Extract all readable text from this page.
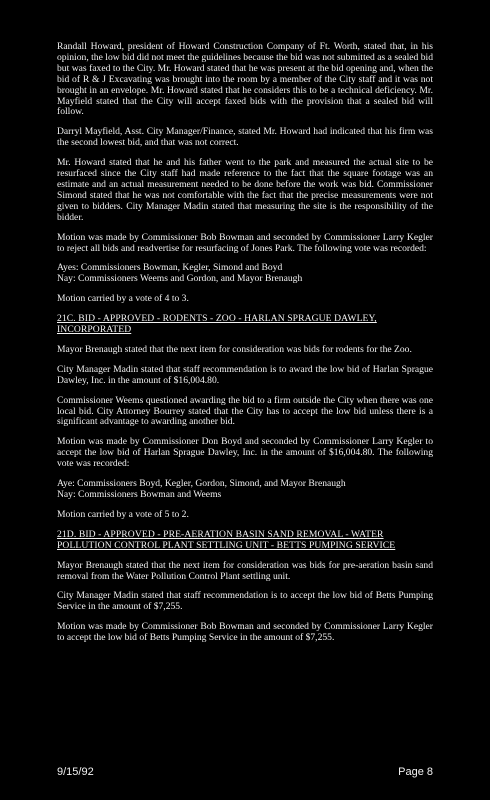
Randall Howard, president of Howard Construction Company of Ft. Worth, stated that, in his opinion, the low bid did not meet the guidelines because the bid was not submitted as a sealed bid but was faxed to the City. Mr. Howard stated that he was present at the bid opening and, when the bid of R & J Excavating was brought into the room by a member of the City staff and it was not brought in an envelope. Mr. Howard stated that he considers this to be a technical deficiency. Mr. Mayfield stated that the City will accept faxed bids with the provision that a sealed bid will follow.

Darryl Mayfield, Asst. City Manager/Finance, stated Mr. Howard had indicated that his firm was the second lowest bid, and that was not correct.

Mr. Howard stated that he and his father went to the park and measured the actual site to be resurfaced since the City staff had made reference to the fact that the square footage was an estimate and an actual measurement needed to be done before the work was bid. Commissioner Simond stated that he was not comfortable with the fact that the precise measurements were not given to bidders. City Manager Madin stated that measuring the site is the responsibility of the bidder.

Motion was made by Commissioner Bob Bowman and seconded by Commissioner Larry Kegler to reject all bids and readvertise for resurfacing of Jones Park. The following vote was recorded:

Ayes: Commissioners Bowman, Kegler, Simond and Boyd

Nay: Commissioners Weems and Gordon, and Mayor Brenaugh

Motion carried by a vote of 4 to 3.

21C. BID - APPROVED - RODENTS - ZOO - HARLAN SPRAGUE DAWLEY, INCORPORATED

Mayor Brenaugh stated that the next item for consideration was bids for rodents for the Zoo.

City Manager Madin stated that staff recommendation is to award the low bid of Harlan Sprague Dawley, Inc. in the amount of $16,004.80.

Commissioner Weems questioned awarding the bid to a firm outside the City when there was one local bid. City Attorney Bourrey stated that the City has to accept the low bid unless there is a significant advantage to awarding another bid.

Motion was made by Commissioner Don Boyd and seconded by Commissioner Larry Kegler to accept the low bid of Harlan Sprague Dawley, Inc. in the amount of $16,004.80. The following vote was recorded:

Aye: Commissioners Boyd, Kegler, Gordon, Simond, and Mayor Brenaugh

Nay: Commissioners Bowman and Weems

Motion carried by a vote of 5 to 2.

21D. BID - APPROVED - PRE-AERATION BASIN SAND REMOVAL - WATER POLLUTION CONTROL PLANT SETTLING UNIT - BETTS PUMPING SERVICE

Mayor Brenaugh stated that the next item for consideration was bids for pre-aeration basin sand removal from the Water Pollution Control Plant settling unit.

City Manager Madin stated that staff recommendation is to accept the low bid of Betts Pumping Service in the amount of $7,255.

Motion was made by Commissioner Bob Bowman and seconded by Commissioner Larry Kegler to accept the low bid of Betts Pumping Service in the amount of $7,255.

9/15/92	Page 8
